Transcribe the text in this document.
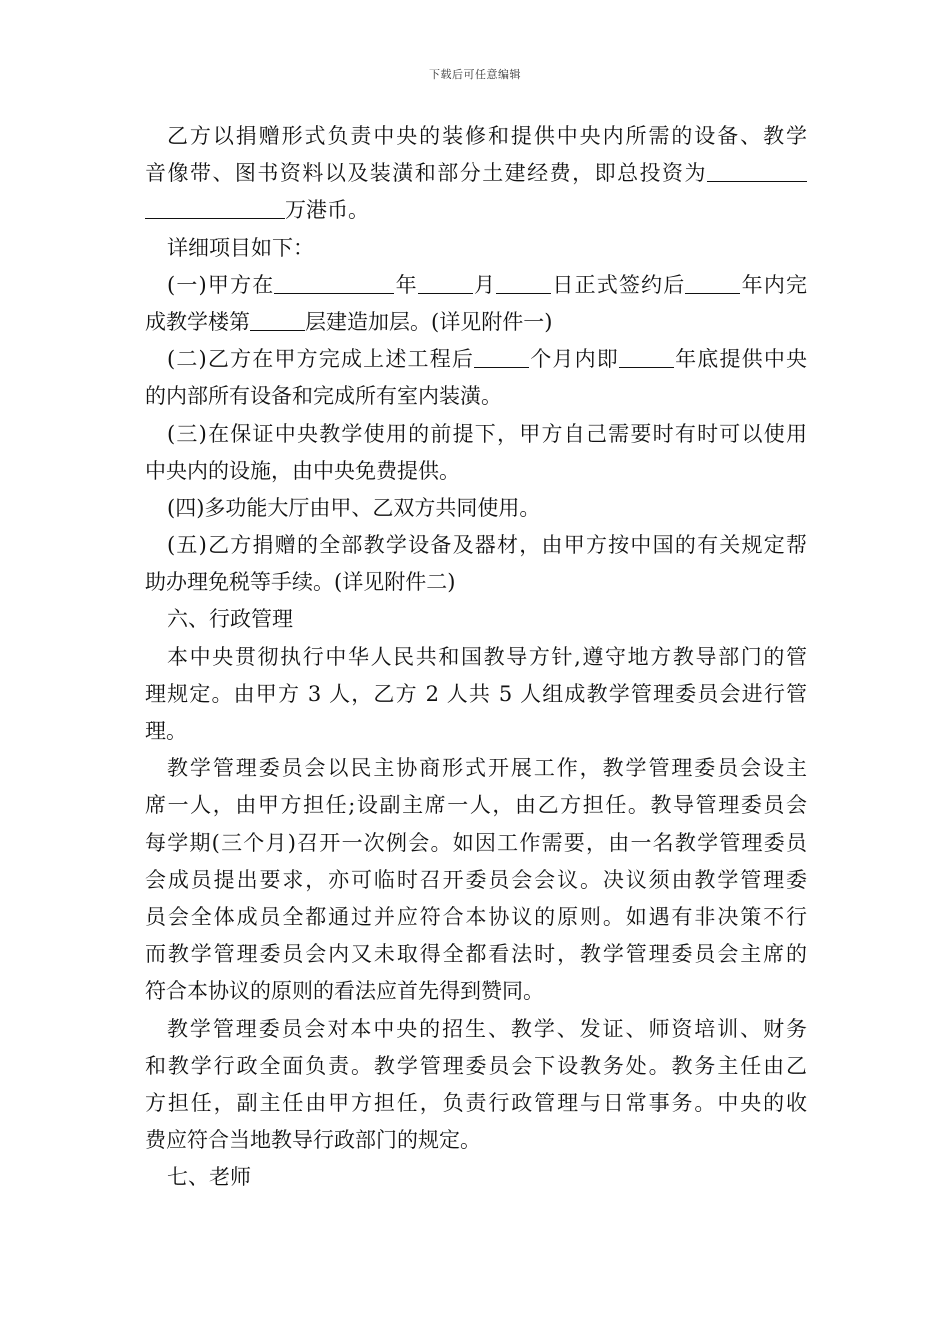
下载后可任意编辑
乙方以捐赠形式负责中央的装修和提供中央内所需的设备、教学
音像带、图书资料以及装潢和部分土建经费，即总投资为
万港币。
详细项目如下：
(一)甲方在	年	月	日正式签约后	年内完
成教学楼第	层建造加层。(详见附件一)
(二)乙方在甲方完成上述工程后	个月内即	年底提供中央
的内部所有设备和完成所有室内装潢。
(三)在保证中央教学使用的前提下，甲方自己需要时有时可以使用
中央内的设施，由中央免费提供。
(四)多功能大厅由甲、乙双方共同使用。
(五)乙方捐赠的全部教学设备及器材，由甲方按中国的有关规定帮
助办理免税等手续。(详见附件二)
六、行政管理
本中央贯彻执行中华人民共和国教导方针,遵守地方教导部门的管
理规定。由甲方 3 人，乙方 2 人共 5 人组成教学管理委员会进行管
理。
教学管理委员会以民主协商形式开展工作，教学管理委员会设主
席一人，由甲方担任;设副主席一人，由乙方担任。教导管理委员会
每学期(三个月)召开一次例会。如因工作需要，由一名教学管理委员
会成员提出要求，亦可临时召开委员会会议。决议须由教学管理委
员会全体成员全都通过并应符合本协议的原则。如遇有非决策不行
而教学管理委员会内又未取得全都看法时，教学管理委员会主席的
符合本协议的原则的看法应首先得到赞同。
教学管理委员会对本中央的招生、教学、发证、师资培训、财务
和教学行政全面负责。教学管理委员会下设教务处。教务主任由乙
方担任，副主任由甲方担任，负责行政管理与日常事务。中央的收
费应符合当地教导行政部门的规定。
七、老师
